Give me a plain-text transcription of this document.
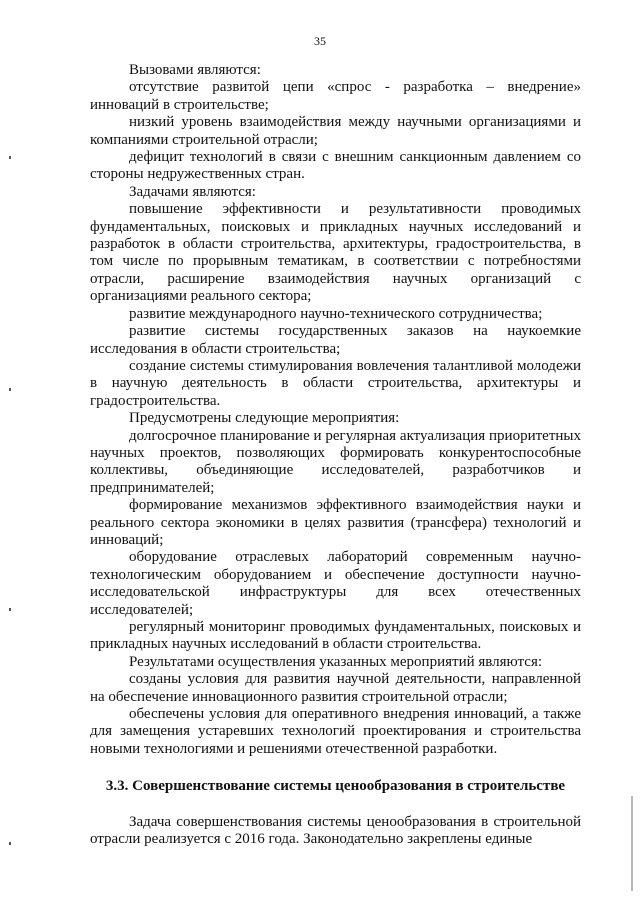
35

Вызовами являются:

отсутствие развитой цепи «спрос - разработка – внедрение» инноваций в строительстве;

низкий уровень взаимодействия между научными организациями и компаниями строительной отрасли;

дефицит технологий в связи с внешним санкционным давлением со стороны недружественных стран.

Задачами являются:

повышение эффективности и результативности проводимых фундаментальных, поисковых и прикладных научных исследований и разработок в области строительства, архитектуры, градостроительства, в том числе по прорывным тематикам, в соответствии с потребностями отрасли, расширение взаимодействия научных организаций с организациями реального сектора;

развитие международного научно-технического сотрудничества;

развитие системы государственных заказов на наукоемкие исследования в области строительства;

создание системы стимулирования вовлечения талантливой молодежи в научную деятельность в области строительства, архитектуры и градостроительства.

Предусмотрены следующие мероприятия:

долгосрочное планирование и регулярная актуализация приоритетных научных проектов, позволяющих формировать конкурентоспособные коллективы, объединяющие исследователей, разработчиков и предпринимателей;

формирование механизмов эффективного взаимодействия науки и реального сектора экономики в целях развития (трансфера) технологий и инноваций;

оборудование отраслевых лабораторий современным научно-технологическим оборудованием и обеспечение доступности научно-исследовательской инфраструктуры для всех отечественных исследователей;

регулярный мониторинг проводимых фундаментальных, поисковых и прикладных научных исследований в области строительства.

Результатами осуществления указанных мероприятий являются:

созданы условия для развития научной деятельности, направленной на обеспечение инновационного развития строительной отрасли;

обеспечены условия для оперативного внедрения инноваций, а также для замещения устаревших технологий проектирования и строительства новыми технологиями и решениями отечественной разработки.

3.3. Совершенствование системы ценообразования в строительстве

Задача совершенствования системы ценообразования в строительной отрасли реализуется с 2016 года. Законодательно закреплены единые
